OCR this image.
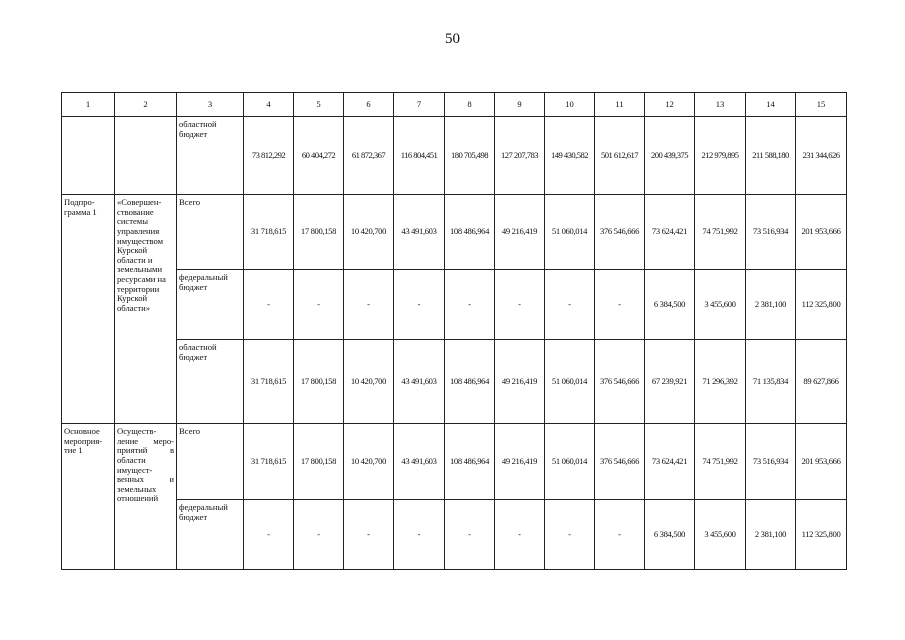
50
1	2	3	4	5	6	7	8	9	10	11	12	13	14	15
		областной бюджет	73 812,292	60 404,272	61 872,367	116 804,451	180 705,498	127 207,783	149 430,582	501 612,617	200 439,375	212 979,895	211 588,180	231 344,626
Подпро-грамма 1	«Совершен-ствование системы управления имуществом Курской области и земельными ресурсами на территории Курской области»	Всего	31 718,615	17 800,158	10 420,700	43 491,603	108 486,964	49 216,419	51 060,014	376 546,666	73 624,421	74 751,992	73 516,934	201 953,666
		федеральный бюджет	-	-	-	-	-	-	-	-	6 384,500	3 455,600	2 381,100	112 325,800
		областной бюджет	31 718,615	17 800,158	10 420,700	43 491,603	108 486,964	49 216,419	51 060,014	376 546,666	67 239,921	71 296,392	71 135,834	89 627,866
Основное мероприя-тие 1	Осуществ-ление меро-приятий в области имущест-венных и земельных отношений	Всего	31 718,615	17 800,158	10 420,700	43 491,603	108 486,964	49 216,419	51 060,014	376 546,666	73 624,421	74 751,992	73 516,934	201 953,666
		федеральный бюджет	-	-	-	-	-	-	-	-	6 384,500	3 455,600	2 381,100	112 325,800
